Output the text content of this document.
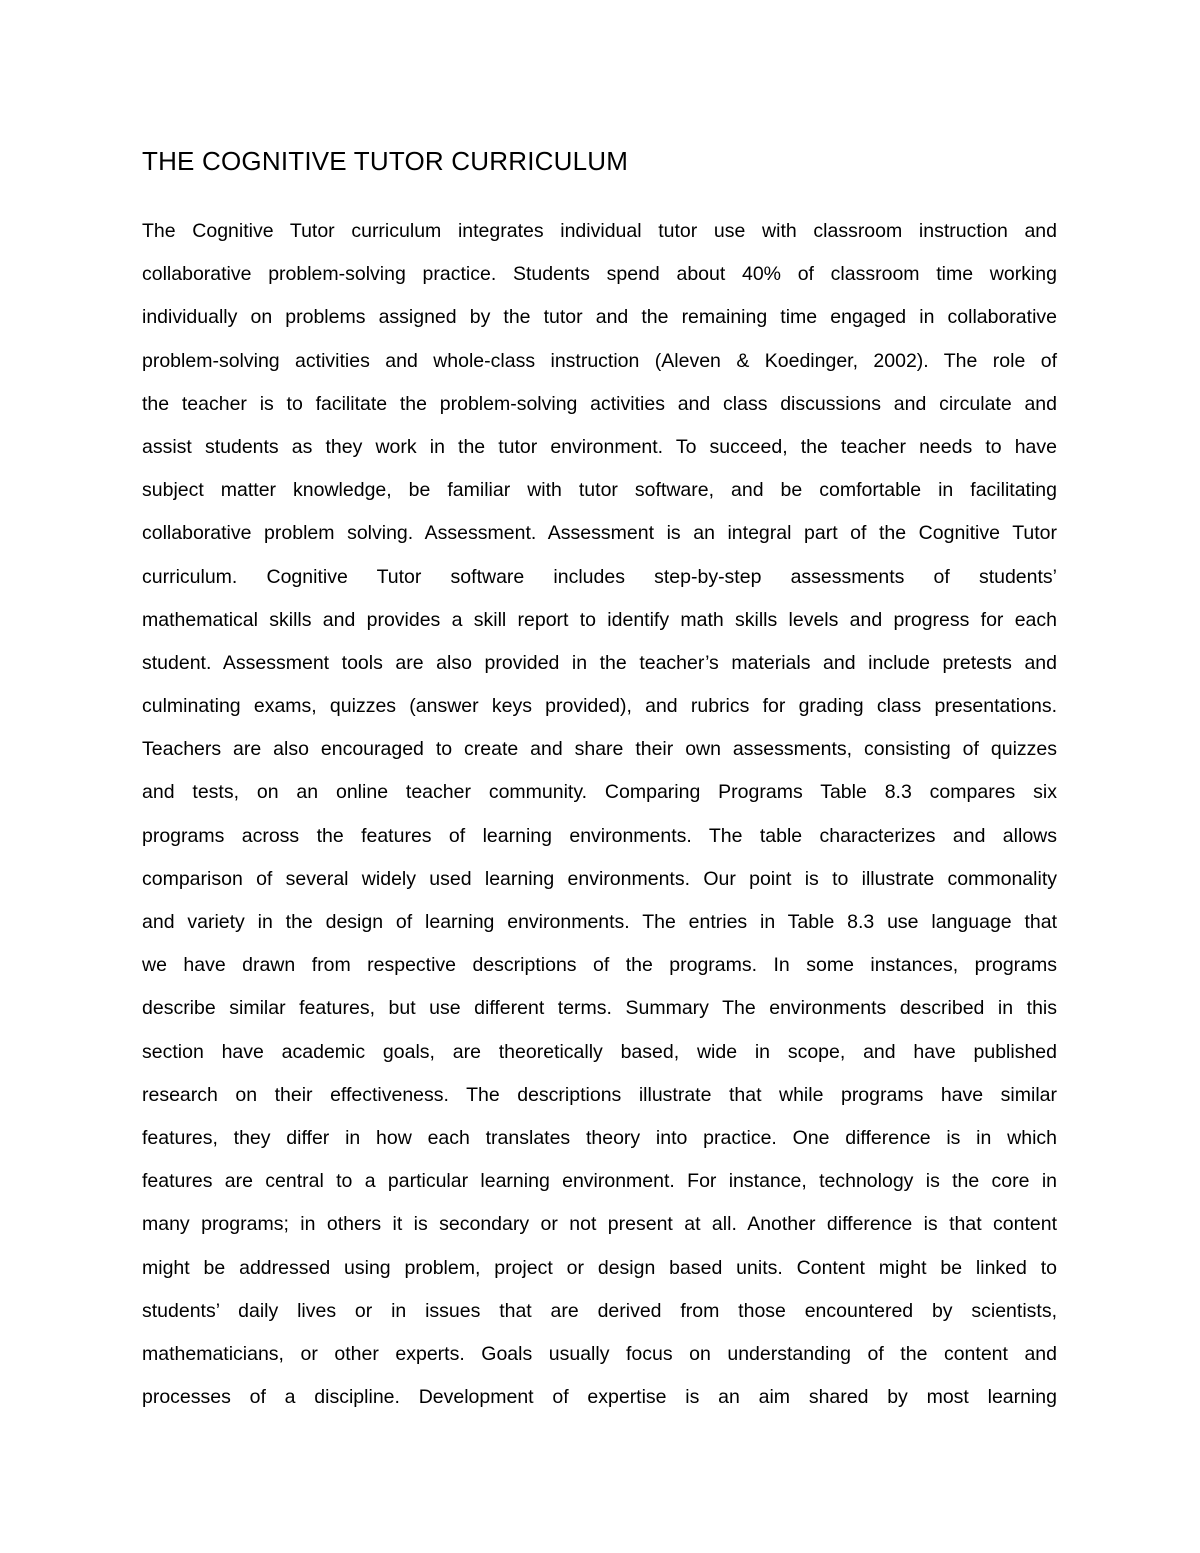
THE COGNITIVE TUTOR CURRICULUM
The Cognitive Tutor curriculum integrates individual tutor use with classroom instruction and
collaborative problem-solving practice. Students spend about 40% of classroom time working
individually on problems assigned by the tutor and the remaining time engaged in collaborative
problem-solving activities and whole-class instruction (Aleven & Koedinger, 2002). The role of
the teacher is to facilitate the problem-solving activities and class discussions and circulate and
assist students as they work in the tutor environment. To succeed, the teacher needs to have
subject matter knowledge, be familiar with tutor software, and be comfortable in facilitating
collaborative problem solving. Assessment. Assessment is an integral part of the Cognitive Tutor
curriculum. Cognitive Tutor software includes step-by-step assessments of students’
mathematical skills and provides a skill report to identify math skills levels and progress for each
student. Assessment tools are also provided in the teacher’s materials and include pretests and
culminating exams, quizzes (answer keys provided), and rubrics for grading class presentations.
Teachers are also encouraged to create and share their own assessments, consisting of quizzes
and tests, on an online teacher community. Comparing Programs Table 8.3 compares six
programs across the features of learning environments. The table characterizes and allows
comparison of several widely used learning environments. Our point is to illustrate commonality
and variety in the design of learning environments. The entries in Table 8.3 use language that
we have drawn from respective descriptions of the programs. In some instances, programs
describe similar features, but use different terms. Summary The environments described in this
section have academic goals, are theoretically based, wide in scope, and have published
research on their effectiveness. The descriptions illustrate that while programs have similar
features, they differ in how each translates theory into practice. One difference is in which
features are central to a particular learning environment. For instance, technology is the core in
many programs; in others it is secondary or not present at all. Another difference is that content
might be addressed using problem, project or design based units. Content might be linked to
students’ daily lives or in issues that are derived from those encountered by scientists,
mathematicians, or other experts. Goals usually focus on understanding of the content and
processes of a discipline. Development of expertise is an aim shared by most learning
